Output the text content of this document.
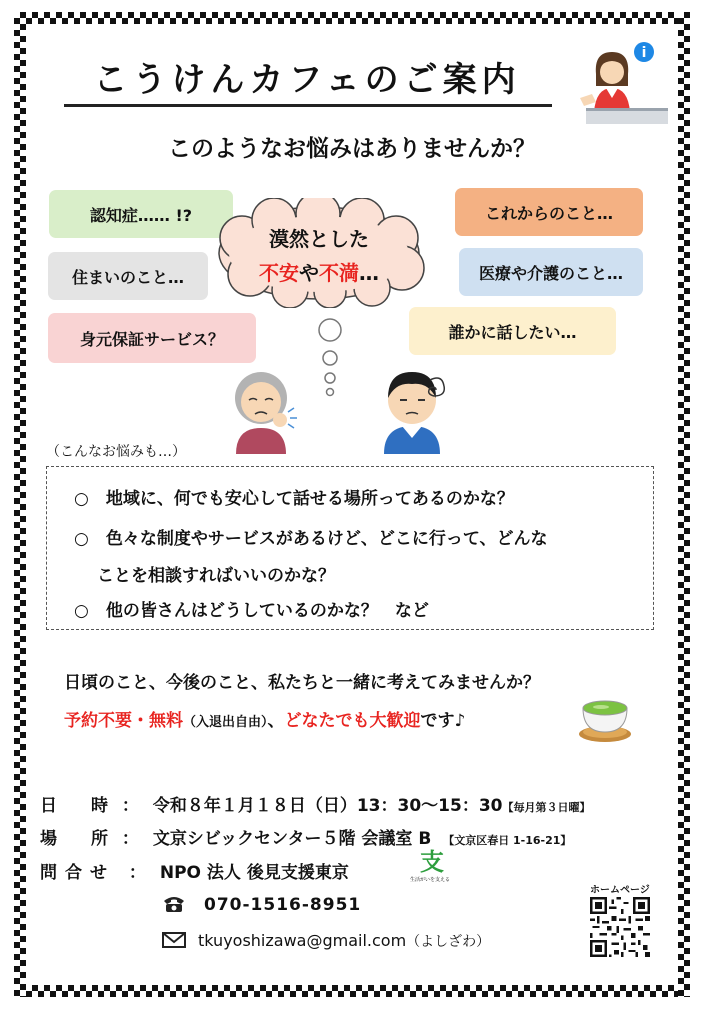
こうけんカフェのご案内
i
このようなお悩みはありませんか？
認知症…… !?
住まいのこと…
身元保証サービス？
これからのこと…
医療や介護のこと…
誰かに話したい…
漠然とした
不安や不満…
（こんなお悩みも…）
○　地域に、何でも安心して話せる場所ってあるのかな？
○　色々な制度やサービスがあるけど、どこに行って、どんな
ことを相談すればいいのかな？
○　他の皆さんはどうしているのかな？　など
日頃のこと、今後のこと、私たちと一緒に考えてみませんか？
予約不要・無料（入退出自由）、どなたでも大歓迎です♪
日　　時 ： 令和８年１月１８日（日）13：30～15：30【毎月第３日曜】
場　　所 ： 文京シビックセンター５階 会議室 B 【文京区春日 1-16-21】
問合せ ： NPO 法人 後見支援東京	支
生活がいを支える
070-1516-8951
tkuyoshizawa@gmail.com（よしざわ）
ホームページ
